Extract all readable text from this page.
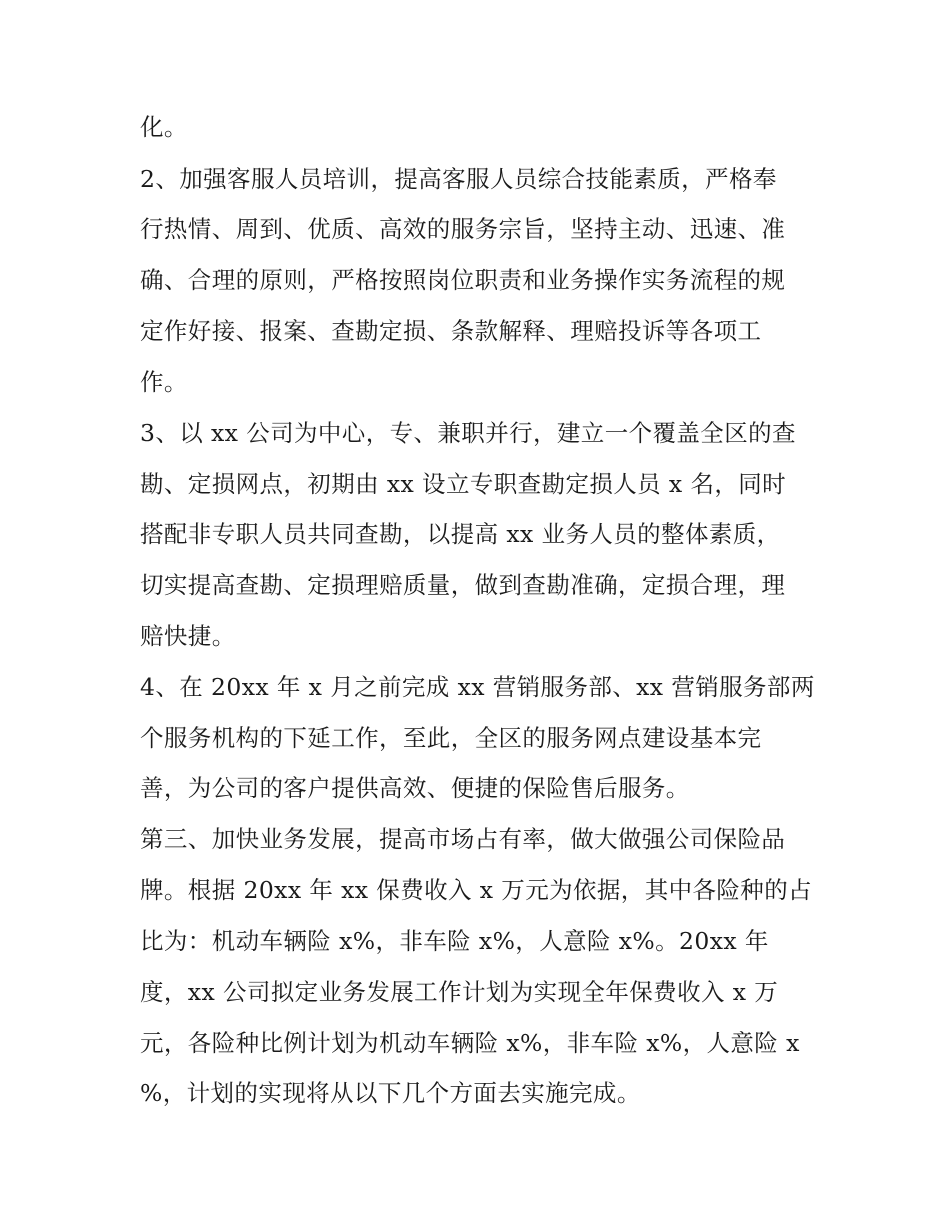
化。
2、加强客服人员培训，提高客服人员综合技能素质，严格奉
行热情、周到、优质、高效的服务宗旨，坚持主动、迅速、准
确、合理的原则，严格按照岗位职责和业务操作实务流程的规
定作好接、报案、查勘定损、条款解释、理赔投诉等各项工
作。
3、以 xx 公司为中心，专、兼职并行，建立一个覆盖全区的查
勘、定损网点，初期由 xx 设立专职查勘定损人员 x 名，同时
搭配非专职人员共同查勘，以提高 xx 业务人员的整体素质，
切实提高查勘、定损理赔质量，做到查勘准确，定损合理，理
赔快捷。
4、在 20xx 年 x 月之前完成 xx 营销服务部、xx 营销服务部两
个服务机构的下延工作，至此，全区的服务网点建设基本完
善，为公司的客户提供高效、便捷的保险售后服务。
第三、加快业务发展，提高市场占有率，做大做强公司保险品
牌。根据 20xx 年 xx 保费收入 x 万元为依据，其中各险种的占
比为：机动车辆险 x%，非车险 x%，人意险 x%。20xx 年
度，xx 公司拟定业务发展工作计划为实现全年保费收入 x 万
元，各险种比例计划为机动车辆险 x%，非车险 x%，人意险 x
%，计划的实现将从以下几个方面去实施完成。
